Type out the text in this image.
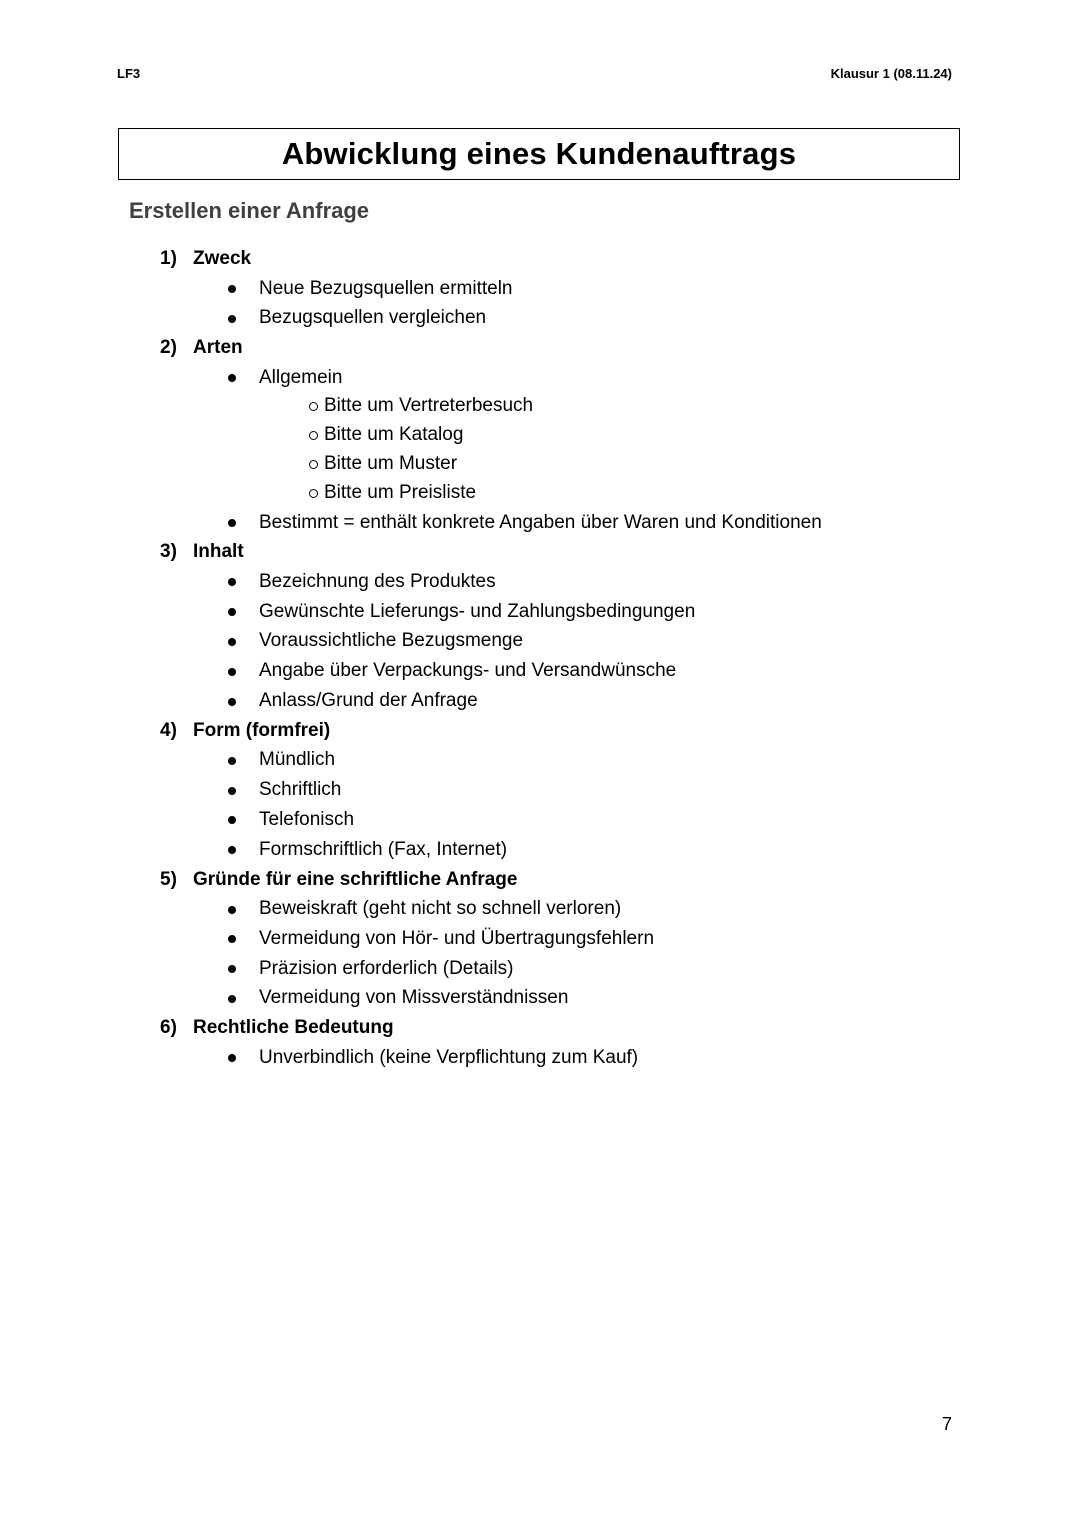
LF3	Klausur 1 (08.11.24)
Abwicklung eines Kundenauftrags
Erstellen einer Anfrage
1) Zweck
Neue Bezugsquellen ermitteln
Bezugsquellen vergleichen
2) Arten
Allgemein
Bitte um Vertreterbesuch
Bitte um Katalog
Bitte um Muster
Bitte um Preisliste
Bestimmt = enthält konkrete Angaben über Waren und Konditionen
3) Inhalt
Bezeichnung des Produktes
Gewünschte Lieferungs- und Zahlungsbedingungen
Voraussichtliche Bezugsmenge
Angabe über Verpackungs- und Versandwünsche
Anlass/Grund der Anfrage
4) Form (formfrei)
Mündlich
Schriftlich
Telefonisch
Formschriftlich (Fax, Internet)
5) Gründe für eine schriftliche Anfrage
Beweiskraft (geht nicht so schnell verloren)
Vermeidung von Hör- und Übertragungsfehlern
Präzision erforderlich (Details)
Vermeidung von Missverständnissen
6) Rechtliche Bedeutung
Unverbindlich (keine Verpflichtung zum Kauf)
7
